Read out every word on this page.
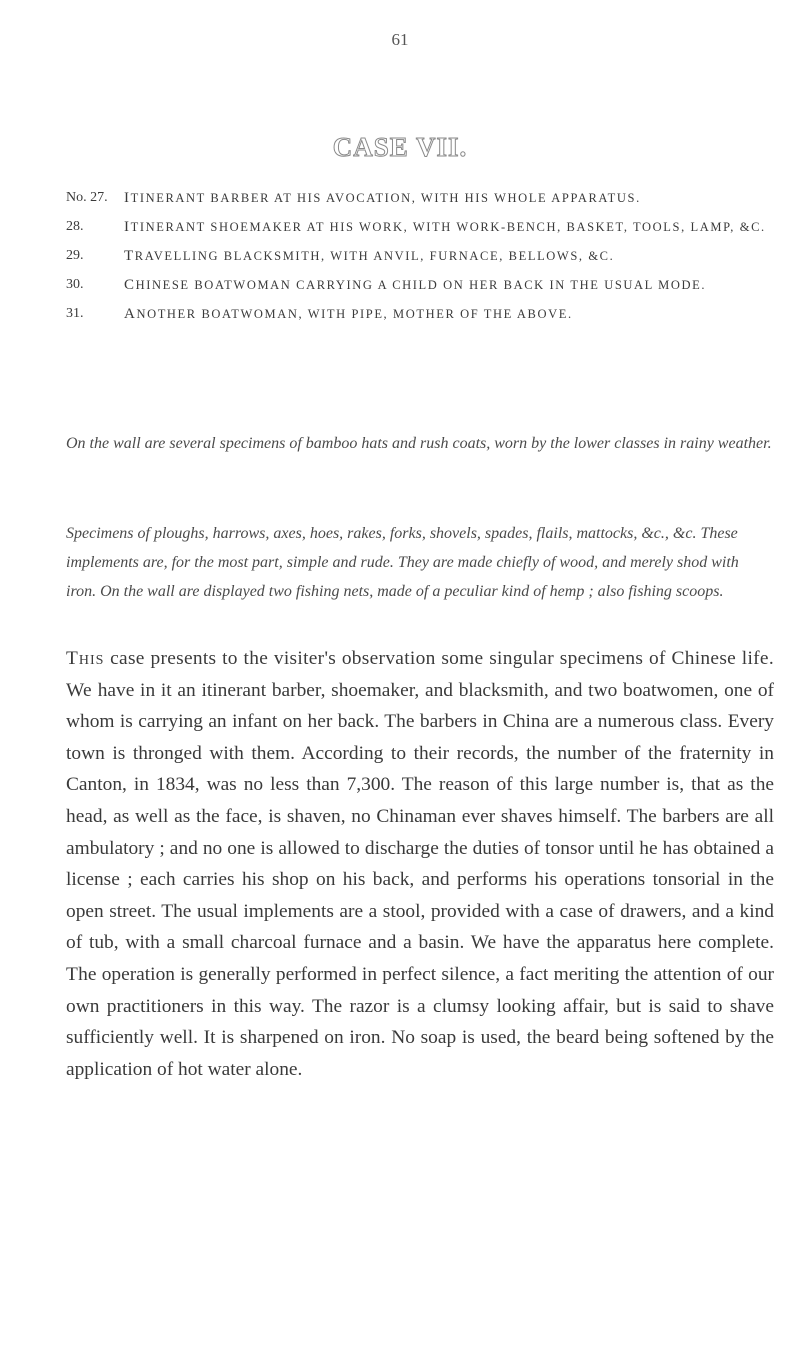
61
CASE VII.
No. 27.	ITINERANT BARBER AT HIS AVOCATION, WITH HIS WHOLE APPARATUS.
28.	ITINERANT SHOEMAKER AT HIS WORK, WITH WORK-BENCH, BASKET, TOOLS, LAMP, &C.
29.	TRAVELLING BLACKSMITH, WITH ANVIL, FURNACE, BELLOWS, &C.
30.	CHINESE BOATWOMAN CARRYING A CHILD ON HER BACK IN THE USUAL MODE.
31.	ANOTHER BOATWOMAN, WITH PIPE, MOTHER OF THE ABOVE.
On the wall are several specimens of bamboo hats and rush coats, worn by the lower classes in rainy weather.
Specimens of ploughs, harrows, axes, hoes, rakes, forks, shovels, spades, flails, mattocks, &c., &c. These implements are, for the most part, simple and rude. They are made chiefly of wood, and merely shod with iron. On the wall are displayed two fishing nets, made of a peculiar kind of hemp ; also fishing scoops.
This case presents to the visiter's observation some singular specimens of Chinese life. We have in it an itinerant barber, shoemaker, and blacksmith, and two boatwomen, one of whom is carrying an infant on her back. The barbers in China are a numerous class. Every town is thronged with them. According to their records, the number of the fraternity in Canton, in 1834, was no less than 7,300. The reason of this large number is, that as the head, as well as the face, is shaven, no Chinaman ever shaves himself. The barbers are all ambulatory ; and no one is allowed to discharge the duties of tonsor until he has obtained a license ; each carries his shop on his back, and performs his operations tonsorial in the open street. The usual implements are a stool, provided with a case of drawers, and a kind of tub, with a small charcoal furnace and a basin. We have the apparatus here complete. The operation is generally performed in perfect silence, a fact meriting the attention of our own practitioners in this way. The razor is a clumsy looking affair, but is said to shave sufficiently well. It is sharpened on iron. No soap is used, the beard being softened by the application of hot water alone.
